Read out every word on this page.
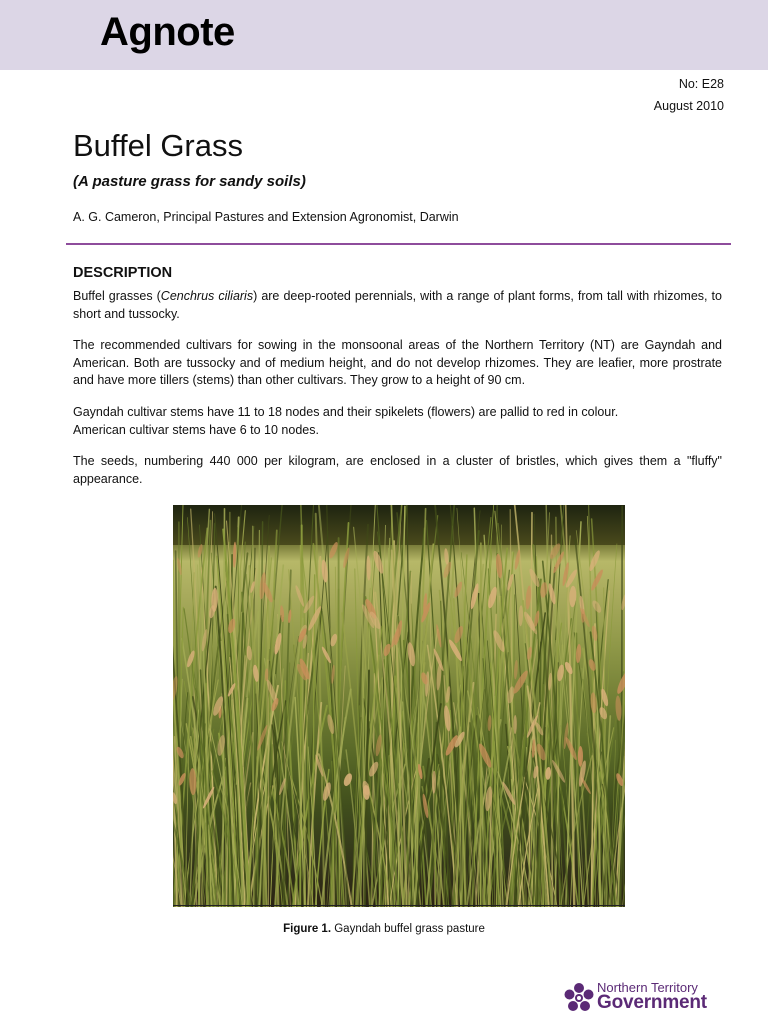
Agnote
No: E28
August 2010
Buffel Grass
(A pasture grass for sandy soils)
A. G. Cameron, Principal Pastures and Extension Agronomist, Darwin
DESCRIPTION

Buffel grasses (Cenchrus ciliaris) are deep-rooted perennials, with a range of plant forms, from tall with rhizomes, to short and tussocky.

The recommended cultivars for sowing in the monsoonal areas of the Northern Territory (NT) are Gayndah and American. Both are tussocky and of medium height, and do not develop rhizomes. They are leafier, more prostrate and have more tillers (stems) than other cultivars. They grow to a height of 90 cm.

Gayndah cultivar stems have 11 to 18 nodes and their spikelets (flowers) are pallid to red in colour.

American cultivar stems have 6 to 10 nodes.

The seeds, numbering 440 000 per kilogram, are enclosed in a cluster of bristles, which gives them a "fluffy" appearance.

Figure 1. Gayndah buffel grass pasture
Northern Territory
Government
